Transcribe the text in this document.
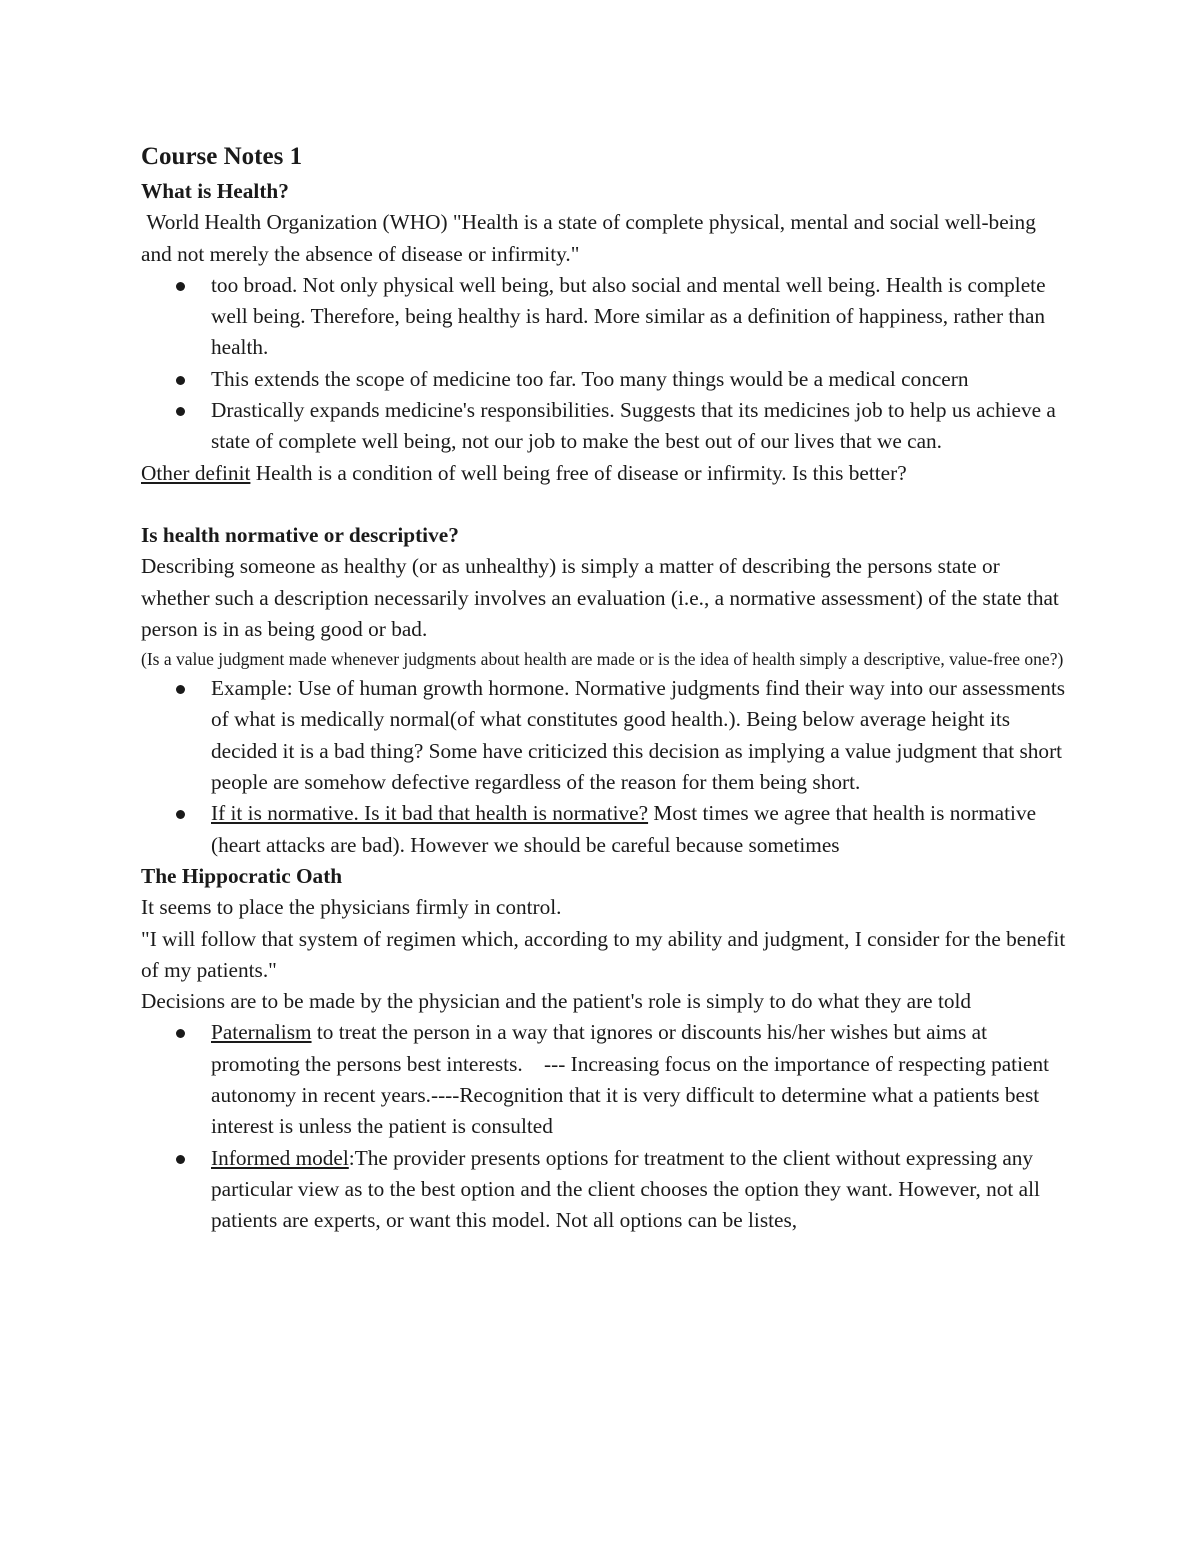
Course Notes 1

What is Health?

World Health Organization (WHO) "Health is a state of complete physical, mental and social well-being and not merely the absence of disease or infirmity."

too broad. Not only physical well being, but also social and mental well being. Health is complete well being. Therefore, being healthy is hard. More similar as a definition of happiness, rather than health.
This extends the scope of medicine too far. Too many things would be a medical concern
Drastically expands medicine's responsibilities. Suggests that its medicines job to help us achieve a state of complete well being, not our job to make the best out of our lives that we can.

Other definit Health is a condition of well being free of disease or infirmity. Is this better?

Is health normative or descriptive?

Describing someone as healthy (or as unhealthy) is simply a matter of describing the persons state or whether such a description necessarily involves an evaluation (i.e., a normative assessment) of the state that person is in as being good or bad.

(Is a value judgment made whenever judgments about health are made or is the idea of health simply a descriptive, value-free one?)

Example: Use of human growth hormone. Normative judgments find their way into our assessments of what is medically normal(of what constitutes good health.). Being below average height its decided it is a bad thing? Some have criticized this decision as implying a value judgment that short people are somehow defective regardless of the reason for them being short.
If it is normative. Is it bad that health is normative? Most times we agree that health is normative (heart attacks are bad). However we should be careful because sometimes

The Hippocratic Oath

It seems to place the physicians firmly in control.

"I will follow that system of regimen which, according to my ability and judgment, I consider for the benefit of my patients."

Decisions are to be made by the physician and the patient's role is simply to do what they are told

Paternalism to treat the person in a way that ignores or discounts his/her wishes but aims at promoting the persons best interests.    --- Increasing focus on the importance of respecting patient autonomy in recent years.----Recognition that it is very difficult to determine what a patients best interest is unless the patient is consulted
Informed model:The provider presents options for treatment to the client without expressing any particular view as to the best option and the client chooses the option they want. However, not all patients are experts, or want this model. Not all options can be listes,
